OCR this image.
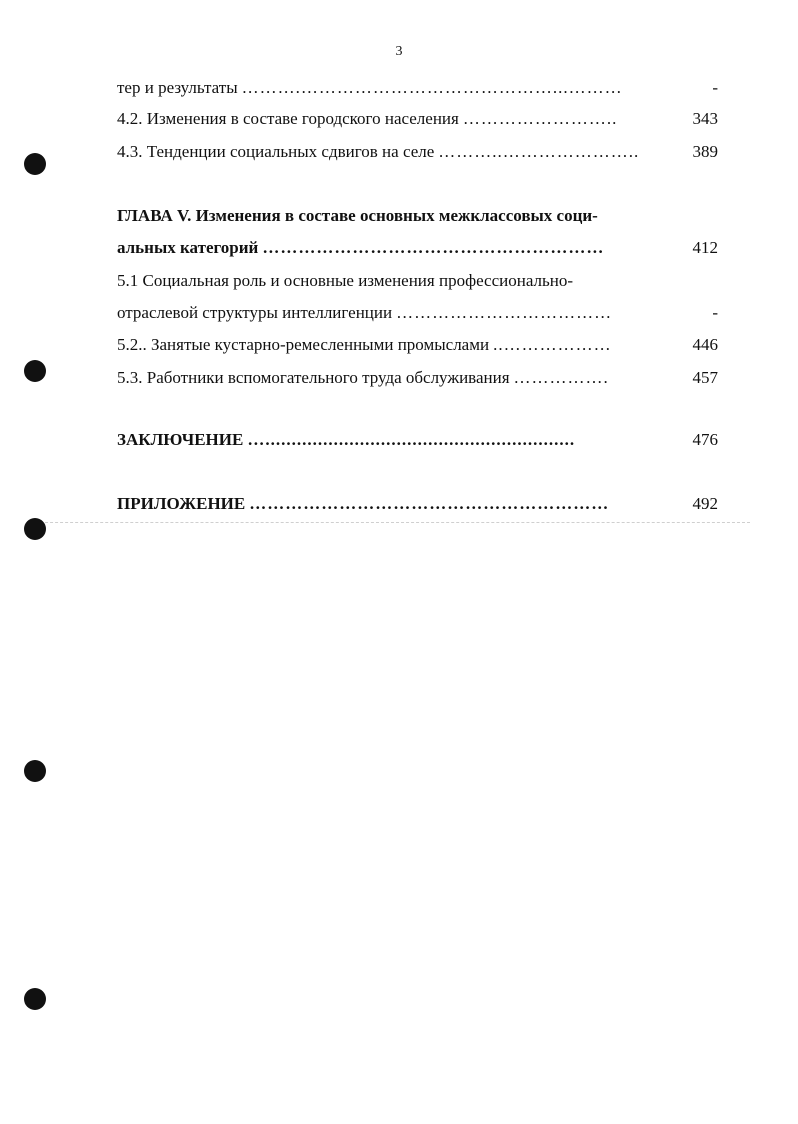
3
тер и результаты ……….……………………………………...………	-
4.2. Изменения в составе городского населения ……………………..	343
4.3. Тенденции социальных сдвигов на селе ………..…………………..	389
ГЛАВА V. Изменения в составе основных межклассовых соци-
альных категорий …………………………………………………	412
5.1 Социальная роль и основные изменения профессионально-
отраслевой структуры интеллигенции ………………………………	-
5.2.. Занятые кустарно-ремесленными промыслами ..………………	446
5.3. Работники вспомогательного труда обслуживания …………….	457
ЗАКЛЮЧЕНИЕ …...........................................................	476
ПРИЛОЖЕНИЕ ……………………………………………………	492
